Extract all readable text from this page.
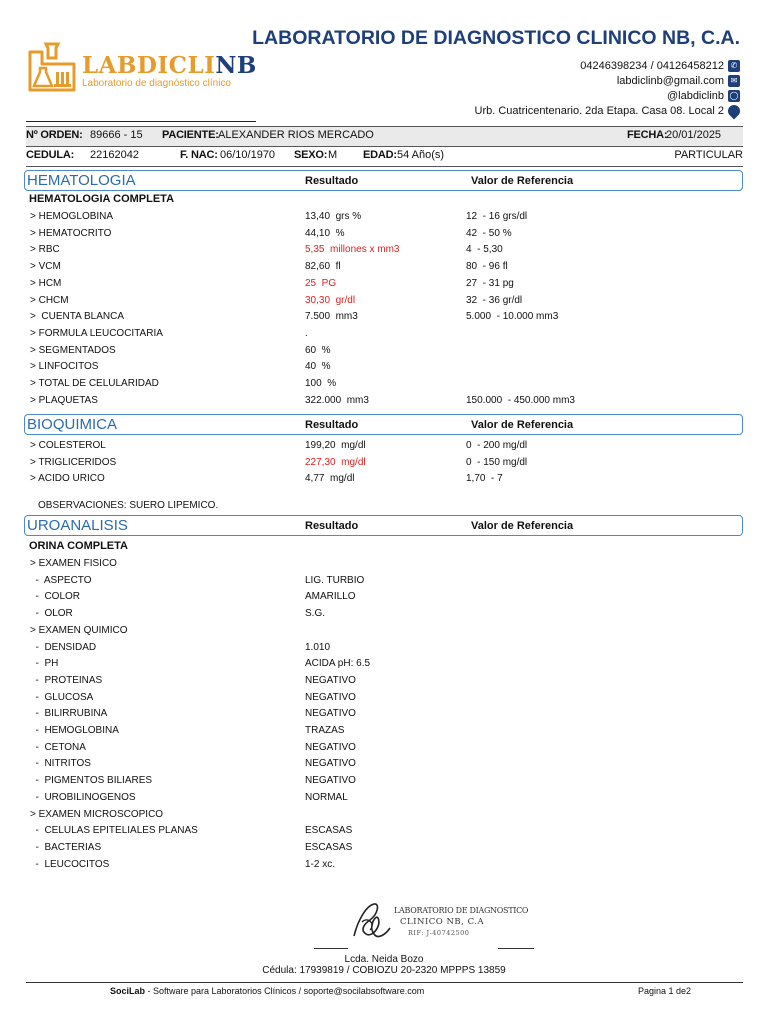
LABDICLINB
Laboratorio de diagnóstico clínico
LABORATORIO DE DIAGNOSTICO CLINICO NB, C.A.
04246398234 / 04126458212 ✆
labdiclinb@gmail.com ✉
@labdiclinb ◯
Urb. Cuatricentenario. 2da Etapa. Casa 08. Local 2
Nº ORDEN: 89666 - 15 PACIENTE: ALEXANDER RIOS MERCADO	FECHA:
20/01/2025
CEDULA: 22162042	F. NAC: 06/10/1970 SEXO: M EDAD: 54 Año(s)	PARTICULAR
HEMATOLOGIA	Resultado	Valor de Referencia
HEMATOLOGIA COMPLETA
> HEMOGLOBINA	13,40  grs %	12  - 16 grs/dl
> HEMATOCRITO	44,10  %	42  - 50 %
> RBC	5,35  millones x mm3	4  - 5,30
> VCM	82,60  fl	80  - 96 fl
> HCM	25  PG	27  - 31 pg
> CHCM	30,30  gr/dl	32  - 36 gr/dl
>  CUENTA BLANCA	7.500  mm3	5.000  - 10.000 mm3
> FORMULA LEUCOCITARIA	.
> SEGMENTADOS	60  %
> LINFOCITOS	40  %
> TOTAL DE CELULARIDAD	100  %
> PLAQUETAS	322.000  mm3	150.000  - 450.000 mm3
BIOQUIMICA	Resultado	Valor de Referencia
> COLESTEROL	199,20  mg/dl	0  - 200 mg/dl
> TRIGLICERIDOS	227,30  mg/dl	0  - 150 mg/dl
> ACIDO URICO	4,77  mg/dl	1,70  - 7
OBSERVACIONES: SUERO LIPEMICO.
UROANALISIS	Resultado	Valor de Referencia
ORINA COMPLETA
> EXAMEN FISICO
-  ASPECTO	LIG. TURBIO
-  COLOR	AMARILLO
-  OLOR	S.G.
> EXAMEN QUIMICO
-  DENSIDAD	1.010
-  PH	ACIDA pH: 6.5
-  PROTEINAS	NEGATIVO
-  GLUCOSA	NEGATIVO
-  BILIRRUBINA	NEGATIVO
-  HEMOGLOBINA	TRAZAS
-  CETONA	NEGATIVO
-  NITRITOS	NEGATIVO
-  PIGMENTOS BILIARES	NEGATIVO
-  UROBILINOGENOS	NORMAL
> EXAMEN MICROSCOPICO
-  CELULAS EPITELIALES PLANAS	ESCASAS
-  BACTERIAS	ESCASAS
-  LEUCOCITOS	1-2 xc.
LABORATORIO DE DIAGNOSTICO
CLINICO NB, C.A
RIF: J-40742500
Lcda. Neida Bozo
Cédula: 17939819 / COBIOZU 20-2320 MPPPS 13859
SociLab - Software para Laboratorios Clínicos / soporte@socilabsoftware.com	Pagina 1 de2
